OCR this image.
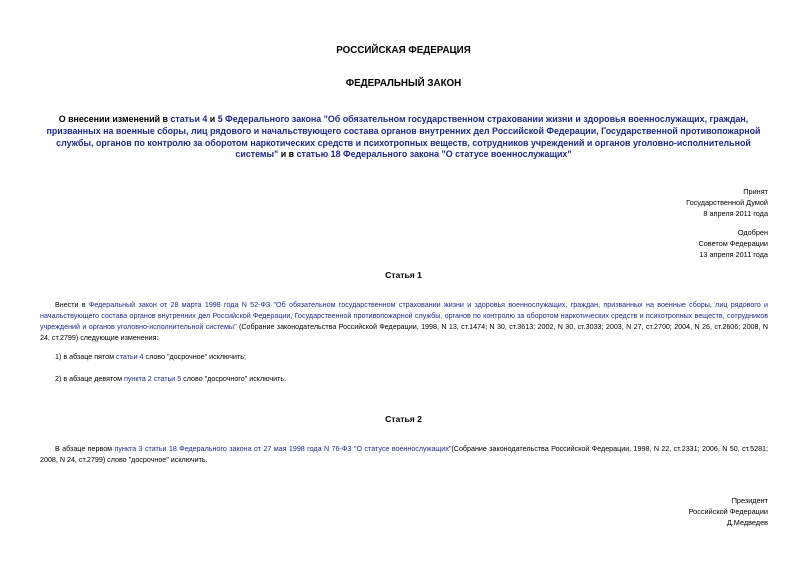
РОССИЙСКАЯ ФЕДЕРАЦИЯ
ФЕДЕРАЛЬНЫЙ ЗАКОН
О внесении изменений в статьи 4 и 5 Федерального закона "Об обязательном государственном страховании жизни и здоровья военнослужащих, граждан, призванных на военные сборы, лиц рядового и начальствующего состава органов внутренних дел Российской Федерации, Государственной противопожарной службы, органов по контролю за оборотом наркотических средств и психотропных веществ, сотрудников учреждений и органов уголовно-исполнительной системы" и в статью 18 Федерального закона "О статусе военнослужащих"
Принят
Государственной Думой
8 апреля 2011 года
Одобрен
Советом Федерации
13 апреля 2011 года
Статья 1
Внести в Федеральный закон от 28 марта 1998 года N 52-ФЗ "Об обязательном государственном страховании жизни и здоровья военнослужащих, граждан, призванных на военные сборы, лиц рядового и начальствующего состава органов внутренних дел Российской Федерации, Государственной противопожарной службы, органов по контролю за оборотом наркотических средств и психотропных веществ, сотрудников учреждений и органов уголовно-исполнительной системы" (Собрание законодательства Российской Федерации, 1998, N 13, ст.1474; N 30, ст.3613; 2002, N 30, ст.3033; 2003, N 27, ст.2700; 2004, N 26, ст.2606; 2008, N 24, ст.2799) следующие изменения:
1) в абзаце пятом статьи 4 слово "досрочное" исключить;
2) в абзаце девятом пункта 2 статьи 5 слово "досрочного" исключить.
Статья 2
В абзаце первом пункта 3 статьи 18 Федерального закона от 27 мая 1998 года N 76-ФЗ "О статусе военнослужащих"(Собрание законодательства Российской Федерации, 1998, N 22, ст.2331; 2006, N 50, ст.5281; 2008, N 24, ст.2799) слово "досрочное" исключить.
Президент
Российской Федерации
Д.Медведев
